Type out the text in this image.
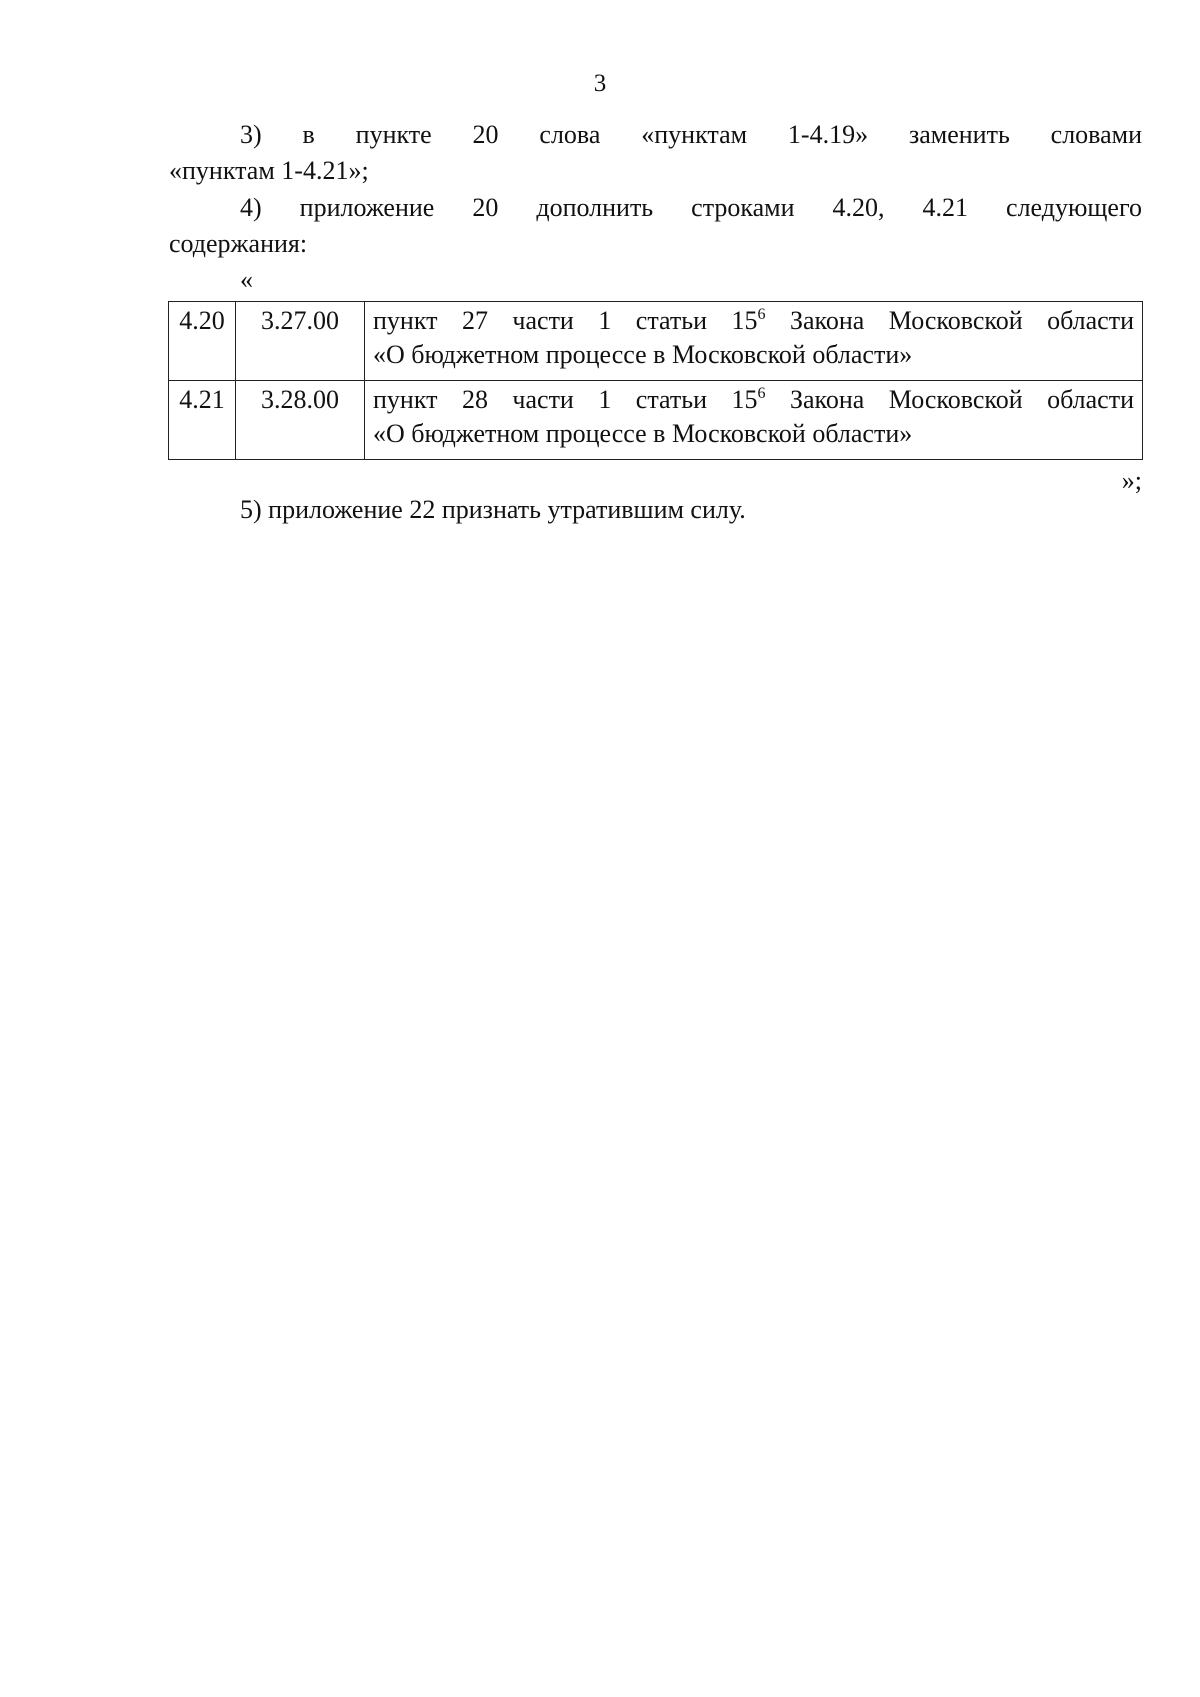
3
3) в пункте 20 слова «пунктам 1-4.19» заменить словами
«пунктам 1-4.21»;
4) приложение 20 дополнить строками 4.20, 4.21 следующего
содержания:
«
4.20	3.27.00	пункт 27 части 1 статьи $15^6$ Закона Московской области
«О бюджетном процессе в Московской области»

4.21	3.28.00	пункт 28 части 1 статьи $15^6$ Закона Московской области
«О бюджетном процессе в Московской области»
»;
5) приложение 22 признать утратившим силу.
